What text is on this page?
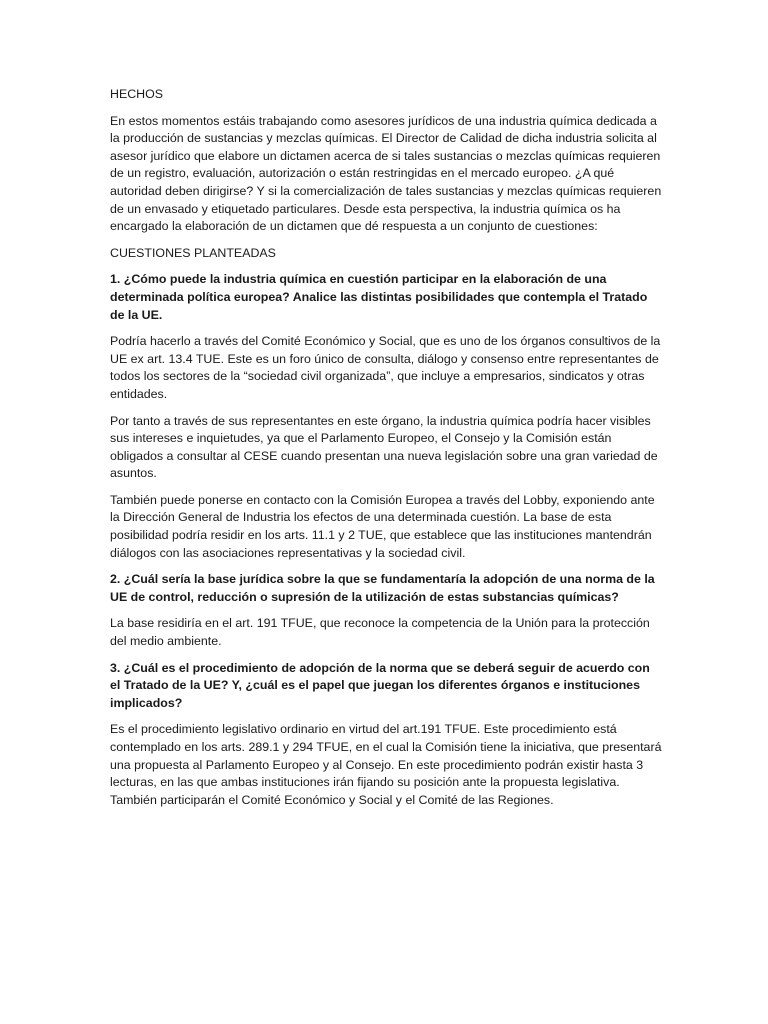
HECHOS

En estos momentos estáis trabajando como asesores jurídicos de una industria química dedicada a la producción de sustancias y mezclas químicas. El Director de Calidad de dicha industria solicita al asesor jurídico que elabore un dictamen acerca de si tales sustancias o mezclas químicas requieren de un registro, evaluación, autorización o están restringidas en el mercado europeo. ¿A qué autoridad deben dirigirse? Y si la comercialización de tales sustancias y mezclas químicas requieren de un envasado y etiquetado particulares. Desde esta perspectiva, la industria química os ha encargado la elaboración de un dictamen que dé respuesta a un conjunto de cuestiones:

CUESTIONES PLANTEADAS

1. ¿Cómo puede la industria química en cuestión participar en la elaboración de una determinada política europea? Analice las distintas posibilidades que contempla el Tratado de la UE.

Podría hacerlo a través del Comité Económico y Social, que es uno de los órganos consultivos de la UE ex art. 13.4 TUE. Este es un foro único de consulta, diálogo y consenso entre representantes de todos los sectores de la “sociedad civil organizada”, que incluye a empresarios, sindicatos y otras entidades.

Por tanto a través de sus representantes en este órgano, la industria química podría hacer visibles sus intereses e inquietudes, ya que el Parlamento Europeo, el Consejo y la Comisión están obligados a consultar al CESE cuando presentan una nueva legislación sobre una gran variedad de asuntos.

También puede ponerse en contacto con la Comisión Europea a través del Lobby, exponiendo ante la Dirección General de Industria los efectos de una determinada cuestión. La base de esta posibilidad podría residir en los arts. 11.1 y 2 TUE, que establece que las instituciones mantendrán diálogos con las asociaciones representativas y la sociedad civil.

2. ¿Cuál sería la base jurídica sobre la que se fundamentaría la adopción de una norma de la UE de control, reducción o supresión de la utilización de estas substancias químicas?

La base residiría en el art. 191 TFUE, que reconoce la competencia de la Unión para la protección del medio ambiente.

3. ¿Cuál es el procedimiento de adopción de la norma que se deberá seguir de acuerdo con el Tratado de la UE? Y, ¿cuál es el papel que juegan los diferentes órganos e instituciones implicados?

Es el procedimiento legislativo ordinario en virtud del art.191 TFUE. Este procedimiento está contemplado en los arts. 289.1 y 294 TFUE, en el cual la Comisión tiene la iniciativa, que presentará una propuesta al Parlamento Europeo y al Consejo. En este procedimiento podrán existir hasta 3 lecturas, en las que ambas instituciones irán fijando su posición ante la propuesta legislativa. También participarán el Comité Económico y Social y el Comité de las Regiones.
